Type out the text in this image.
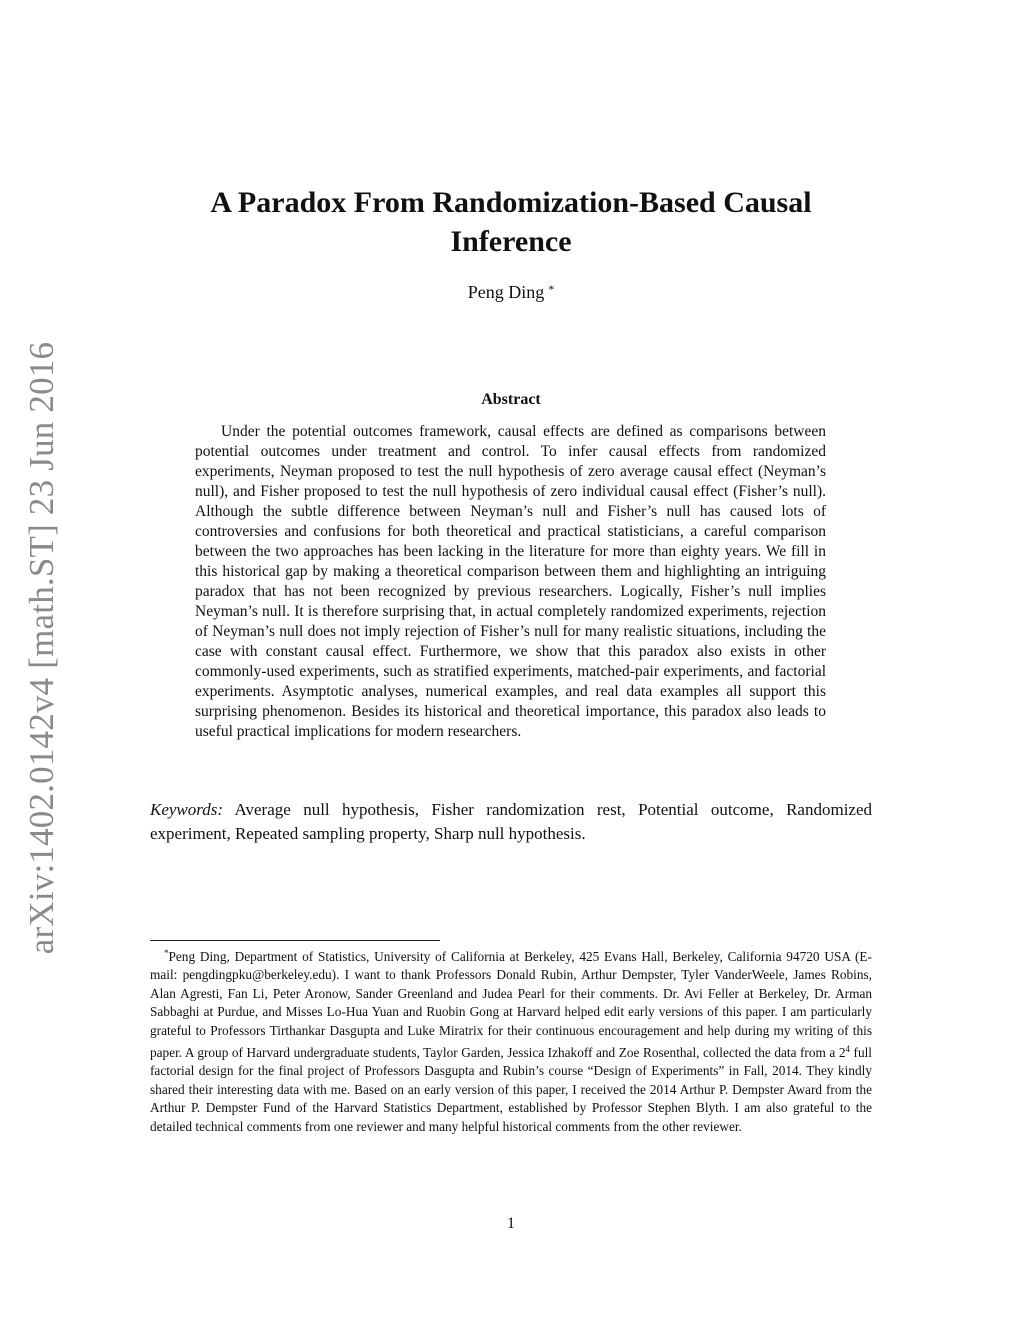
arXiv:1402.0142v4 [math.ST] 23 Jun 2016
A Paradox From Randomization-Based Causal Inference
Peng Ding *
Abstract
Under the potential outcomes framework, causal effects are defined as comparisons between potential outcomes under treatment and control. To infer causal effects from randomized experiments, Neyman proposed to test the null hypothesis of zero average causal effect (Neyman’s null), and Fisher proposed to test the null hypothesis of zero individual causal effect (Fisher’s null). Although the subtle difference between Neyman’s null and Fisher’s null has caused lots of controversies and confusions for both theoretical and practical statisticians, a careful comparison between the two approaches has been lacking in the literature for more than eighty years. We fill in this historical gap by making a theoretical comparison between them and highlighting an intriguing paradox that has not been recognized by previous researchers. Logically, Fisher’s null implies Neyman’s null. It is therefore surprising that, in actual completely randomized experiments, rejection of Neyman’s null does not imply rejection of Fisher’s null for many realistic situations, including the case with constant causal effect. Furthermore, we show that this paradox also exists in other commonly-used experiments, such as stratified experiments, matched-pair experiments, and factorial experiments. Asymptotic analyses, numerical examples, and real data examples all support this surprising phenomenon. Besides its historical and theoretical importance, this paradox also leads to useful practical implications for modern researchers.
Keywords: Average null hypothesis, Fisher randomization rest, Potential outcome, Randomized experiment, Repeated sampling property, Sharp null hypothesis.
*Peng Ding, Department of Statistics, University of California at Berkeley, 425 Evans Hall, Berkeley, California 94720 USA (E-mail: pengdingpku@berkeley.edu). I want to thank Professors Donald Rubin, Arthur Dempster, Tyler VanderWeele, James Robins, Alan Agresti, Fan Li, Peter Aronow, Sander Greenland and Judea Pearl for their comments. Dr. Avi Feller at Berkeley, Dr. Arman Sabbaghi at Purdue, and Misses Lo-Hua Yuan and Ruobin Gong at Harvard helped edit early versions of this paper. I am particularly grateful to Professors Tirthankar Dasgupta and Luke Miratrix for their continuous encouragement and help during my writing of this paper. A group of Harvard undergraduate students, Taylor Garden, Jessica Izhakoff and Zoe Rosenthal, collected the data from a $2^4$ full factorial design for the final project of Professors Dasgupta and Rubin’s course “Design of Experiments” in Fall, 2014. They kindly shared their interesting data with me. Based on an early version of this paper, I received the 2014 Arthur P. Dempster Award from the Arthur P. Dempster Fund of the Harvard Statistics Department, established by Professor Stephen Blyth. I am also grateful to the detailed technical comments from one reviewer and many helpful historical comments from the other reviewer.
1
